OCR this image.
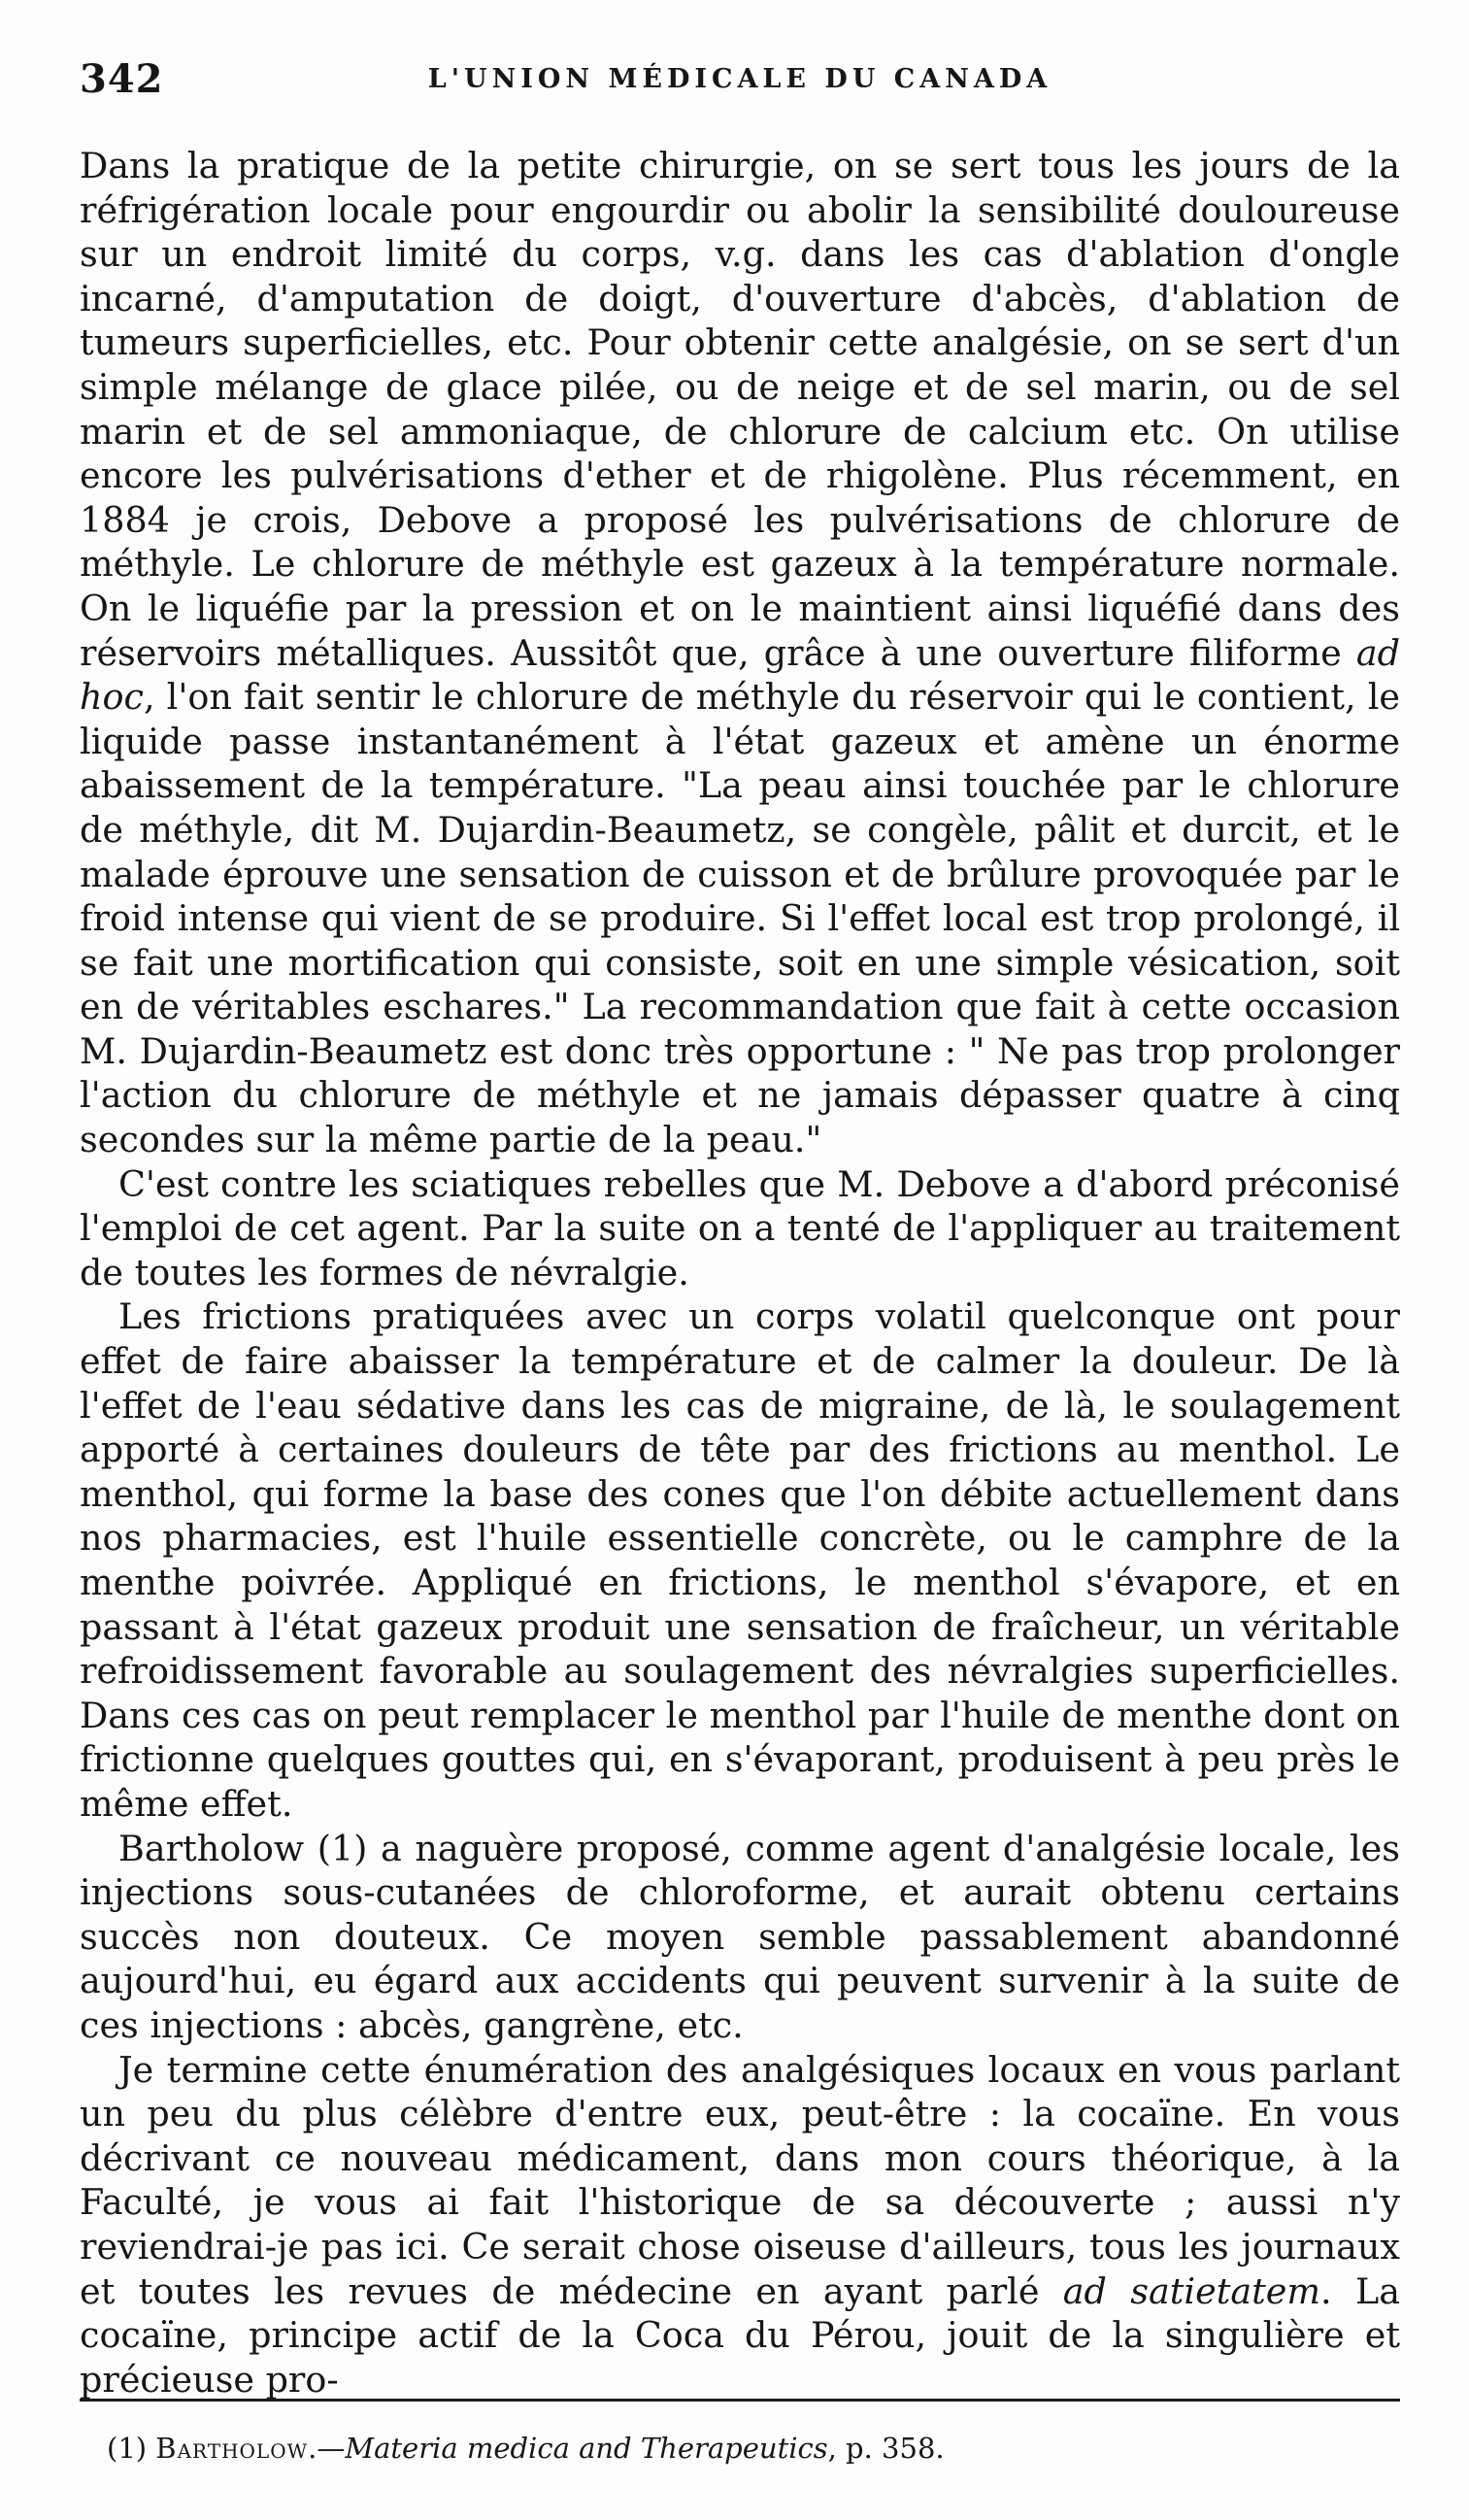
342	L'UNION MÉDICALE DU CANADA

Dans la pratique de la petite chirurgie, on se sert tous les jours de la réfrigération locale pour engourdir ou abolir la sensibilité douloureuse sur un endroit limité du corps, v.g. dans les cas d'ablation d'ongle incarné, d'amputation de doigt, d'ouverture d'abcès, d'ablation de tumeurs superficielles, etc. Pour obtenir cette analgésie, on se sert d'un simple mélange de glace pilée, ou de neige et de sel marin, ou de sel marin et de sel ammoniaque, de chlorure de calcium etc. On utilise encore les pulvérisations d'ether et de rhigolène. Plus récemment, en 1884 je crois, Debove a proposé les pulvérisations de chlorure de méthyle. Le chlorure de méthyle est gazeux à la température normale. On le liquéfie par la pression et on le maintient ainsi liquéfié dans des réservoirs métalliques. Aussitôt que, grâce à une ouverture filiforme ad hoc, l'on fait sentir le chlorure de méthyle du réservoir qui le contient, le liquide passe instantanément à l'état gazeux et amène un énorme abaissement de la température. "La peau ainsi touchée par le chlorure de méthyle, dit M. Dujardin-Beaumetz, se congèle, pâlit et durcit, et le malade éprouve une sensation de cuisson et de brûlure provoquée par le froid intense qui vient de se produire. Si l'effet local est trop prolongé, il se fait une mortification qui consiste, soit en une simple vésication, soit en de véritables eschares." La recommandation que fait à cette occasion M. Dujardin-Beaumetz est donc très opportune : " Ne pas trop prolonger l'action du chlorure de méthyle et ne jamais dépasser quatre à cinq secondes sur la même partie de la peau."

C'est contre les sciatiques rebelles que M. Debove a d'abord préconisé l'emploi de cet agent. Par la suite on a tenté de l'appliquer au traitement de toutes les formes de névralgie.

Les frictions pratiquées avec un corps volatil quelconque ont pour effet de faire abaisser la température et de calmer la douleur. De là l'effet de l'eau sédative dans les cas de migraine, de là, le soulagement apporté à certaines douleurs de tête par des frictions au menthol. Le menthol, qui forme la base des cones que l'on débite actuellement dans nos pharmacies, est l'huile essentielle concrète, ou le camphre de la menthe poivrée. Appliqué en frictions, le menthol s'évapore, et en passant à l'état gazeux produit une sensation de fraîcheur, un véritable refroidissement favorable au soulagement des névralgies superficielles. Dans ces cas on peut remplacer le menthol par l'huile de menthe dont on frictionne quelques gouttes qui, en s'évaporant, produisent à peu près le même effet.

Bartholow (1) a naguère proposé, comme agent d'analgésie locale, les injections sous-cutanées de chloroforme, et aurait obtenu certains succès non douteux. Ce moyen semble passablement abandonné aujourd'hui, eu égard aux accidents qui peuvent survenir à la suite de ces injections : abcès, gangrène, etc.

Je termine cette énumération des analgésiques locaux en vous parlant un peu du plus célèbre d'entre eux, peut-être : la cocaïne. En vous décrivant ce nouveau médicament, dans mon cours théorique, à la Faculté, je vous ai fait l'historique de sa découverte ; aussi n'y reviendrai-je pas ici. Ce serait chose oiseuse d'ailleurs, tous les journaux et toutes les revues de médecine en ayant parlé ad satietatem. La cocaïne, principe actif de la Coca du Pérou, jouit de la singulière et précieuse pro-

(1) Bartholow.—Materia medica and Therapeutics, p. 358.
